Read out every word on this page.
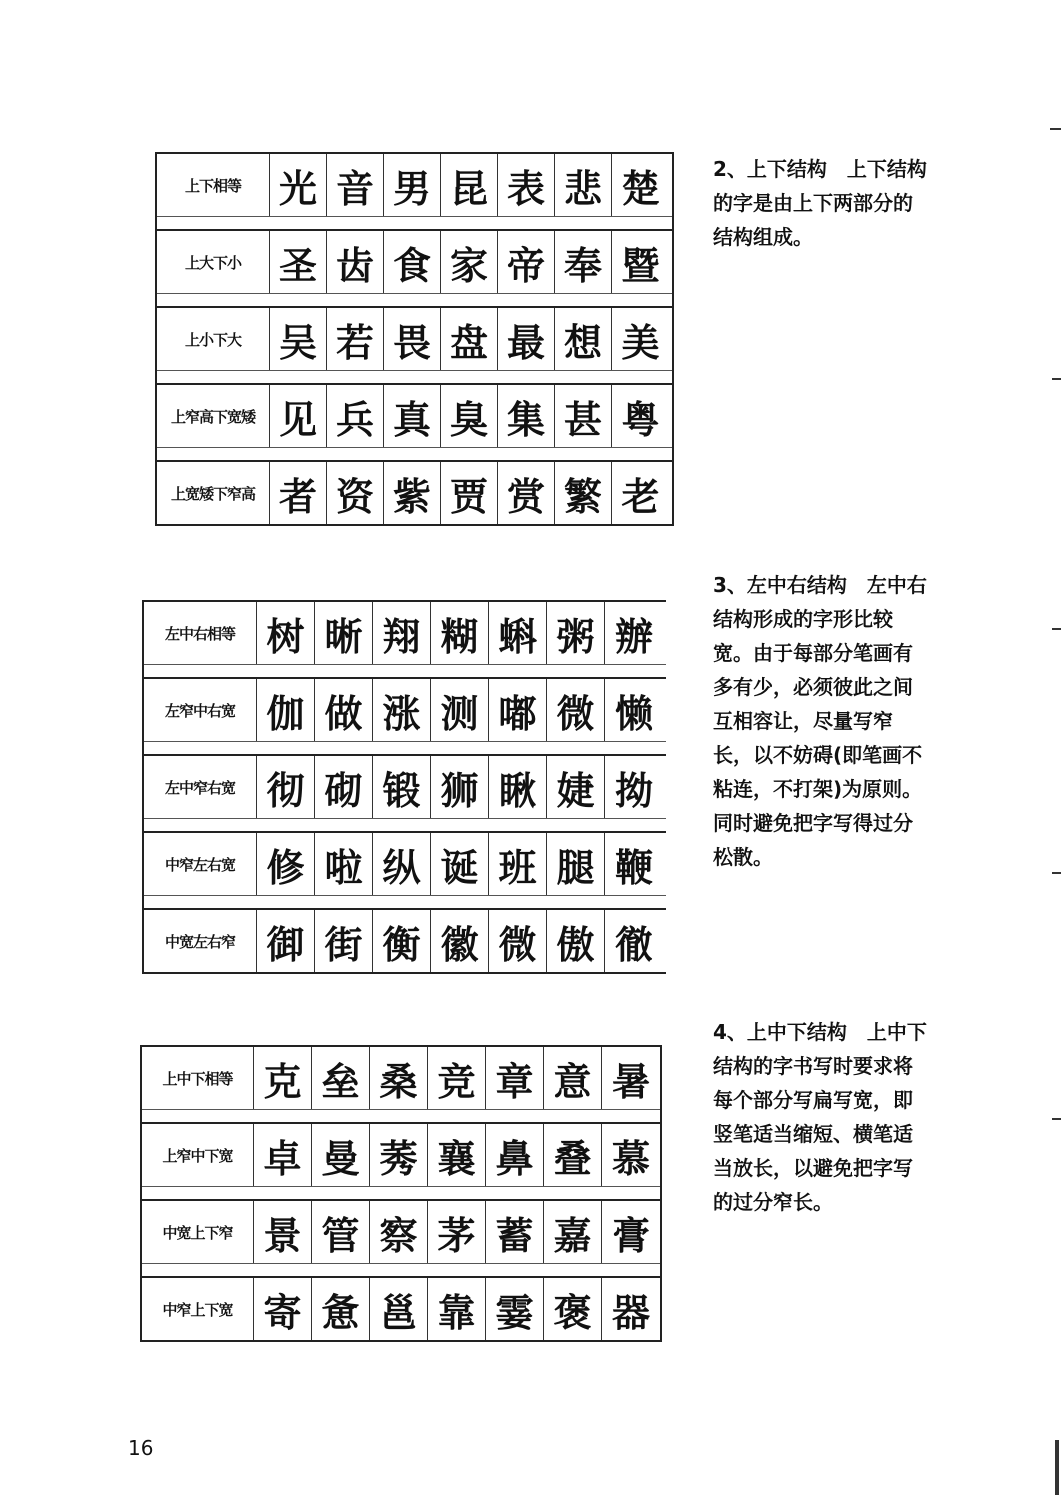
上下相等 光 音 男 昆 表 悲 楚
上大下小 圣 齿 食 家 帝 奉 暨
上小下大 吴 若 畏 盘 最 想 美
上窄高下宽矮 见 兵 真 臭 集 甚 粤
上宽矮下窄高 者 资 紫 贾 赏 繁 老
2、上下结构　上下结构的字是由上下两部分的结构组成。
左中右相等 树 晰 翔 糊 蝌 粥 辦
左窄中右宽 伽 做 涨 测 嘟 微 懒
左中窄右宽 彻 砌 锻 狮 瞅 婕 拗
中窄左右宽 修 啦 纵 诞 班 腿 鞭
中宽左右窄 御 街 衡 徽 微 傲 徹
3、左中右结构　左中右结构形成的字形比较宽。由于每部分笔画有多有少，必须彼此之间互相容让，尽量写窄长，以不妨碍(即笔画不粘连，不打架)为原则。同时避免把字写得过分松散。
上中下相等 克 垒 桑 竞 章 意 暑
上窄中下宽 卓 曼 莠 襄 鼻 叠 慕
中宽上下窄 景 管 察 茅 蓄 嘉 膏
中窄上下宽 寄 惫 邕 靠 霎 褒 器
4、上中下结构　上中下结构的字书写时要求将每个部分写扁写宽，即竖笔适当缩短、横笔适当放长，以避免把字写的过分窄长。
16
